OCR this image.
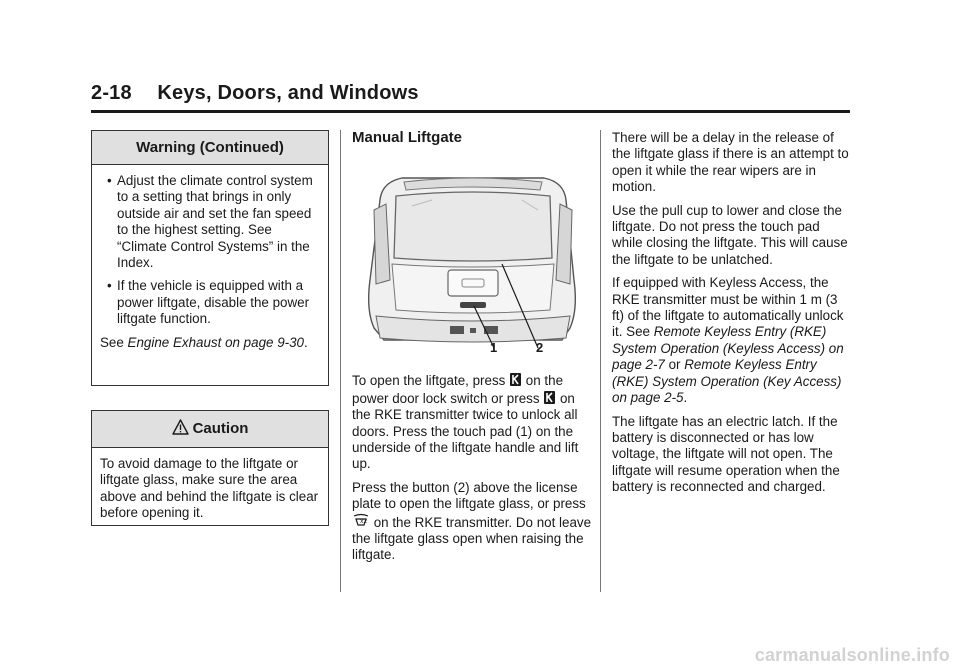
2-18 Keys, Doors, and Windows
Warning (Continued)
• Adjust the climate control system to a setting that brings in only outside air and set the fan speed to the highest setting. See “Climate Control Systems” in the Index.
• If the vehicle is equipped with a power liftgate, disable the power liftgate function.

See Engine Exhaust on page 9-30.

Caution
To avoid damage to the liftgate or liftgate glass, make sure the area above and behind the liftgate is clear before opening it.
Manual Liftgate
1	2

To open the liftgate, press  on the power door lock switch or press  on the RKE transmitter twice to unlock all doors. Press the touch pad (1) on the underside of the liftgate handle and lift up.

Press the button (2) above the license plate to open the liftgate glass, or press
x2 on the RKE transmitter. Do not leave the liftgate glass open when raising the liftgate.

There will be a delay in the release of the liftgate glass if there is an attempt to open it while the rear wipers are in motion.

Use the pull cup to lower and close the liftgate. Do not press the touch pad while closing the liftgate. This will cause the liftgate to be unlatched.

If equipped with Keyless Access, the RKE transmitter must be within 1 m (3 ft) of the liftgate to automatically unlock it. See Remote Keyless Entry (RKE) System Operation (Keyless Access) on page 2-7 or Remote Keyless Entry (RKE) System Operation (Key Access) on page 2-5.

The liftgate has an electric latch. If the battery is disconnected or has low voltage, the liftgate will not open. The liftgate will resume operation when the battery is reconnected and charged.

carmanualsonline.info
